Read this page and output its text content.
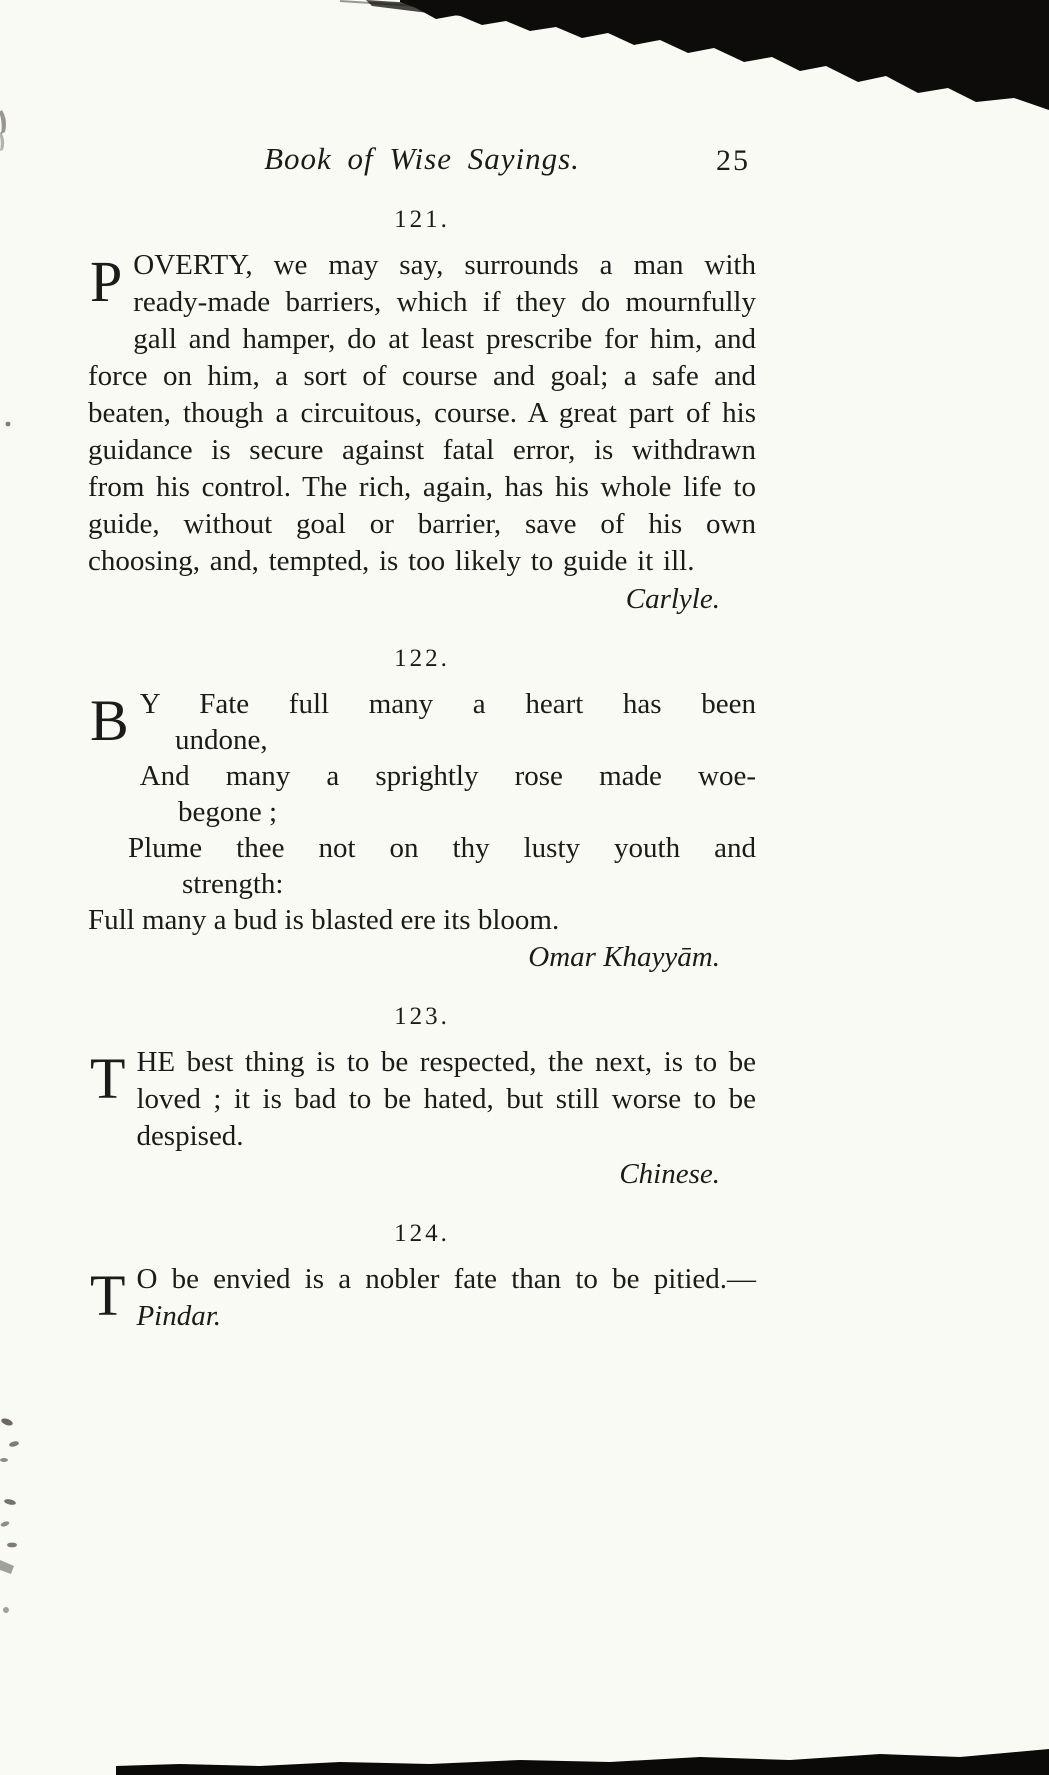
Book of Wise Sayings.	25
121.

POVERTY, we may say, surrounds a man with ready-made barriers, which if they do mournfully gall and hamper, do at least prescribe for him, and force on him, a sort of course and goal; a safe and beaten, though a circuitous, course. A great part of his guidance is secure against fatal error, is withdrawn from his control. The rich, again, has his whole life to guide, without goal or barrier, save of his own choosing, and, tempted, is too likely to guide it ill.

Carlyle.
122.
B Y Fate full many a heart has been
undone,
And many a sprightly rose made woe-
begone ;
Plume thee not on thy lusty youth and
strength:
Full many a bud is blasted ere its bloom.
Omar Khayyām.
123.

THE best thing is to be respected, the next, is to be loved ; it is bad to be hated, but still worse to be despised.

Chinese.
124.

T O be envied is a nobler fate than to be pitied.—Pindar.
